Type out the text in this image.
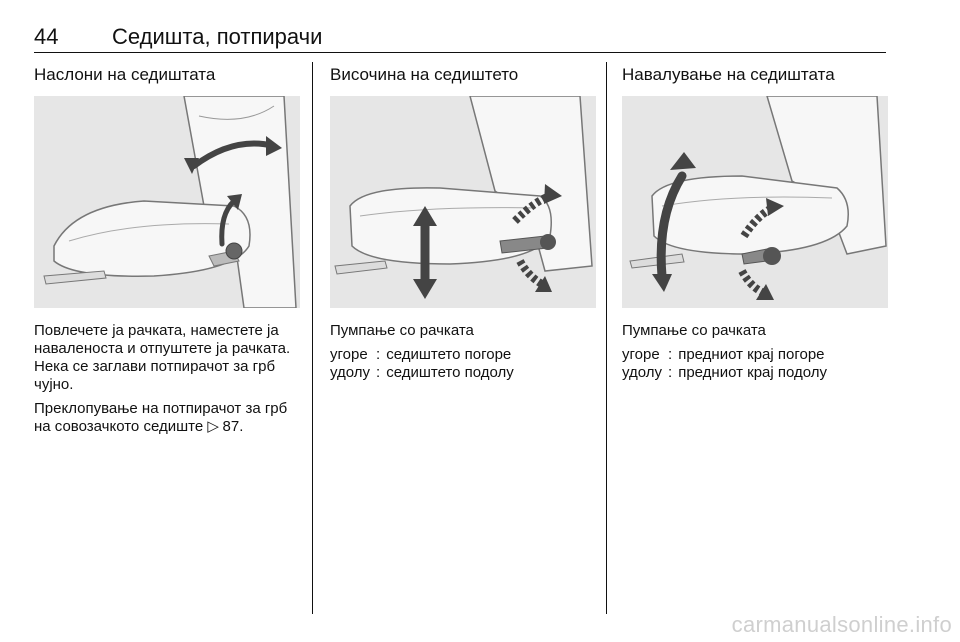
44 Седишта, потпирачи
Наслони на седиштата

Повлечете ја рачката, наместете ја наваленоста и отпуштете ја рачката. Нека се заглави потпирачот за грб чујно.

Преклопување на потпирачот за грб на совозачкото седиште ▷ 87.

Височина на седиштето

Пумпање со рачката

угоре	:	седиштето погоре
удолу	:	седиштето подолу
Навалување на седиштата

Пумпање со рачката

угоре	:	предниот крај погоре
удолу	:	предниот крај подолу
carmanualsonline.info
